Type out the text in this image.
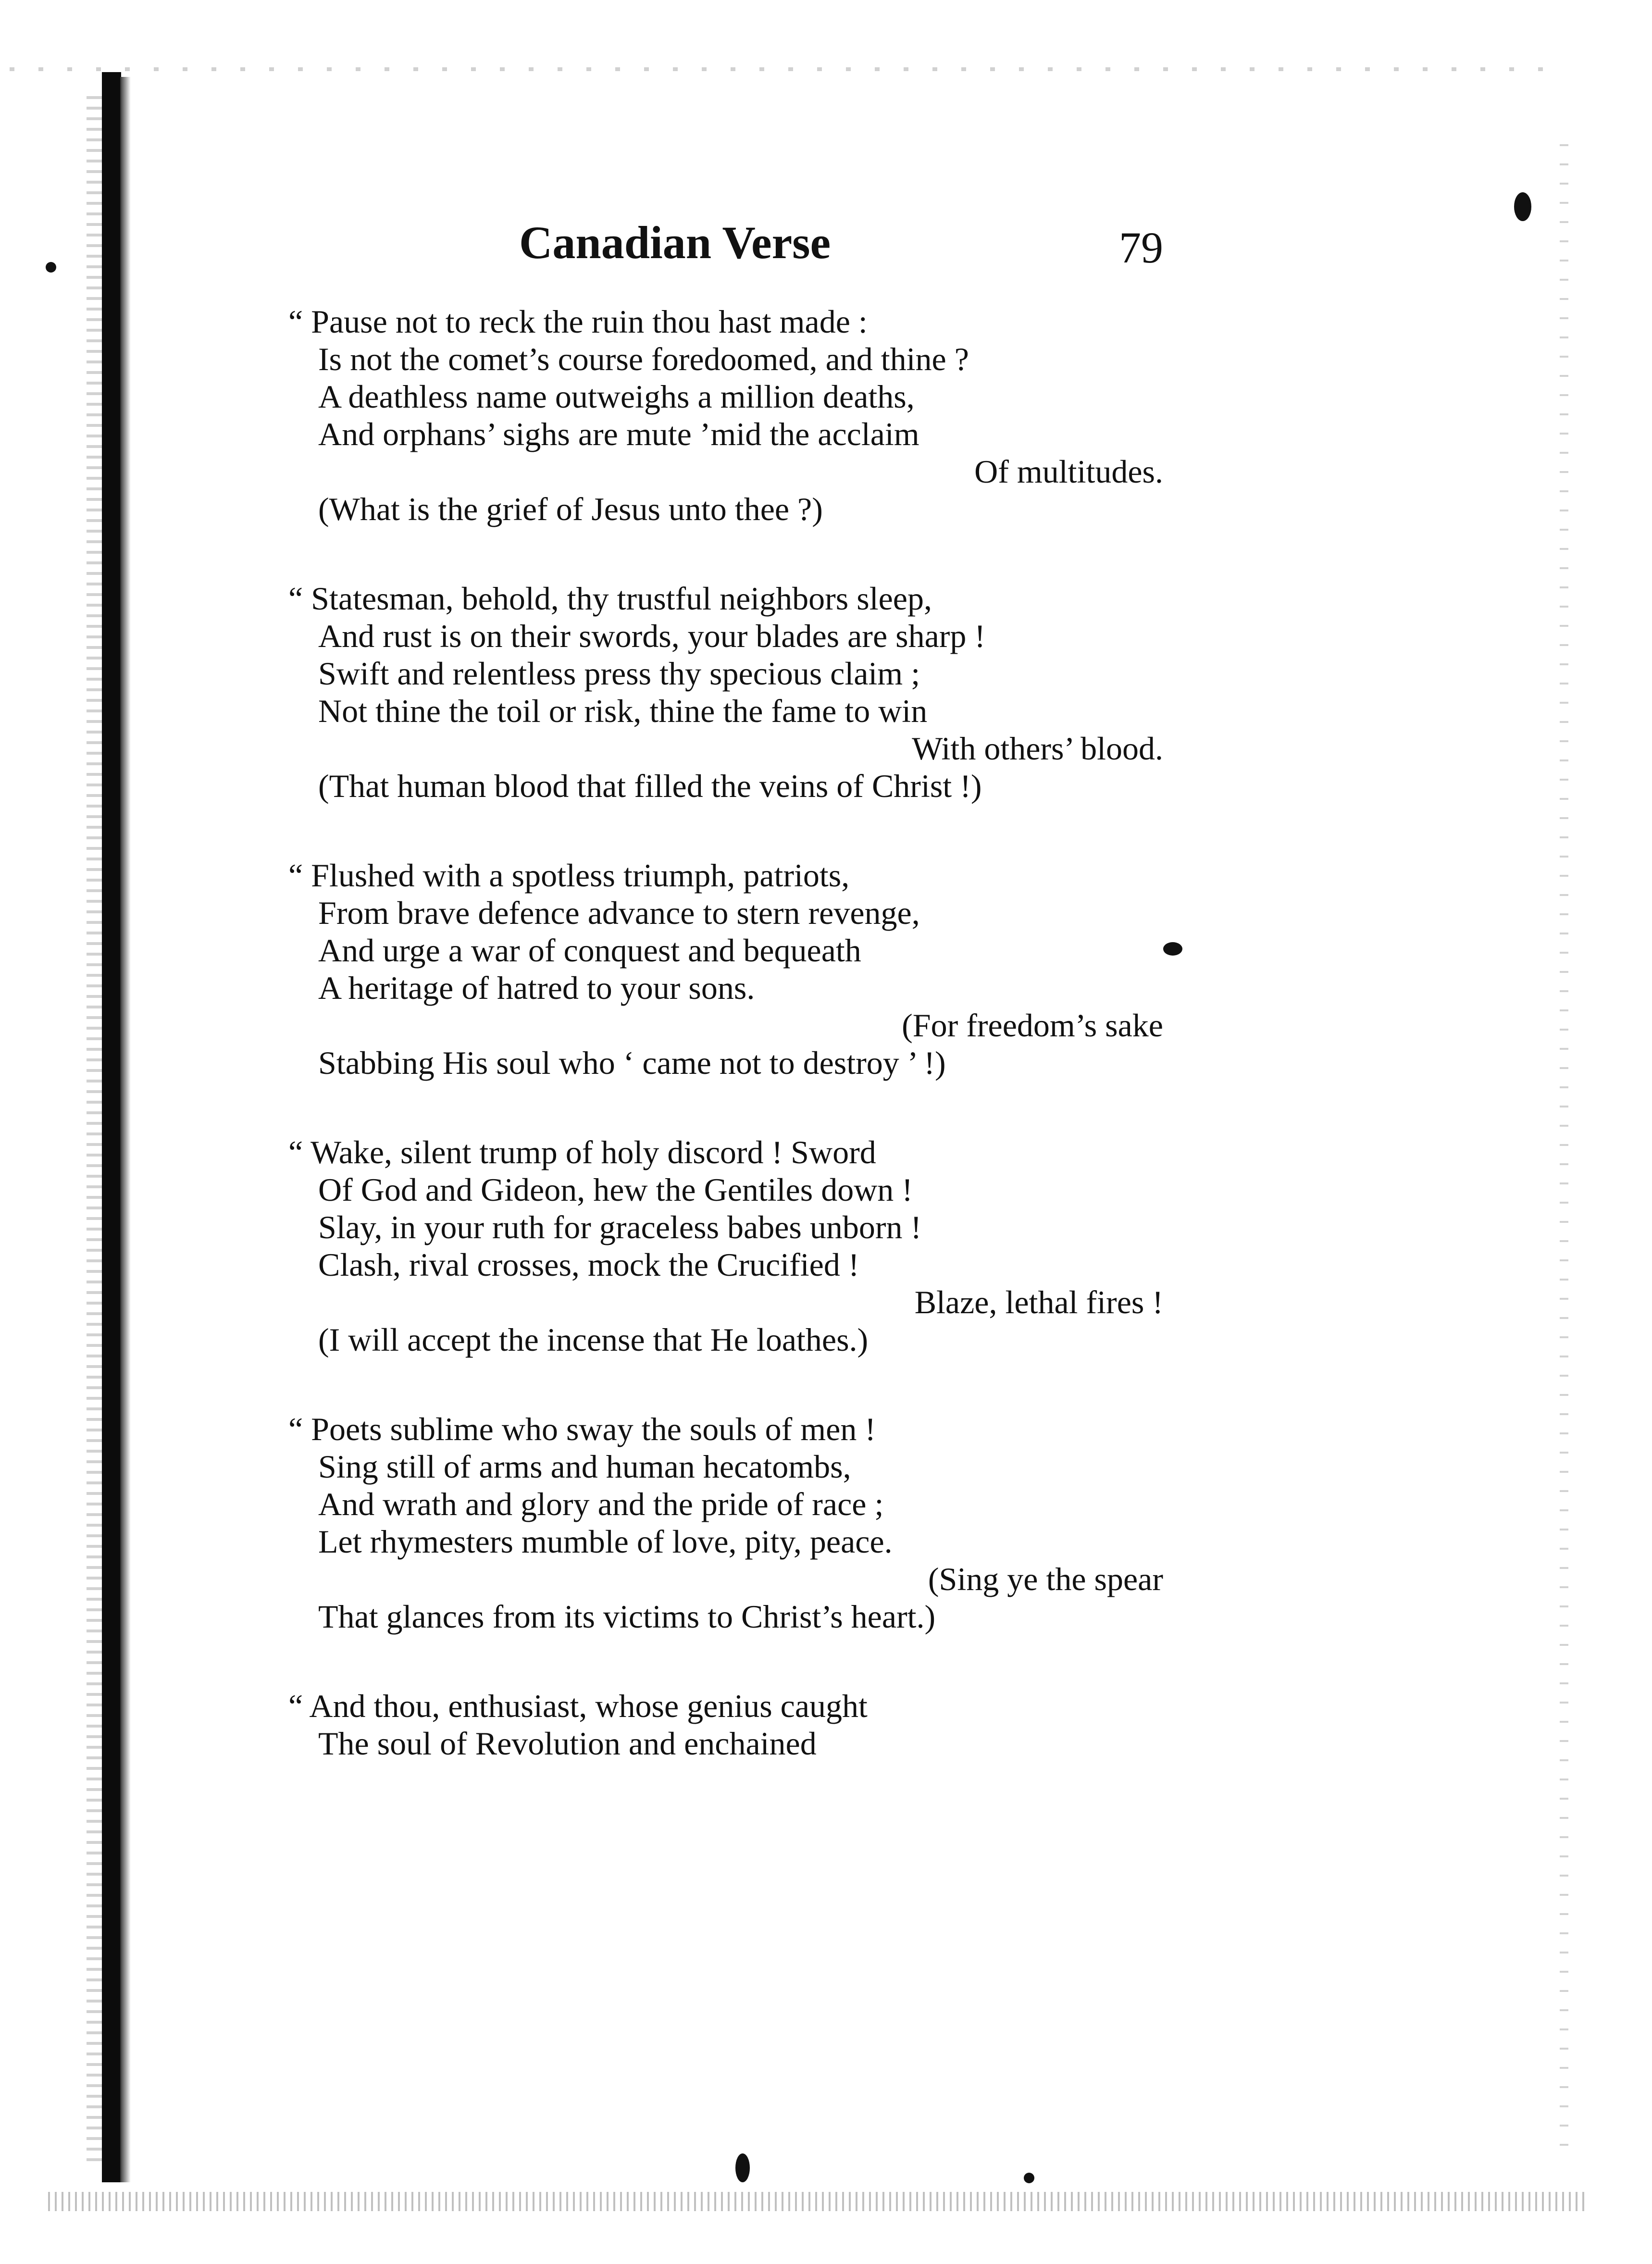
Canadian Verse	79
“ Pause not to reck the ruin thou hast made :
Is not the comet’s course foredoomed, and thine ?
A deathless name outweighs a million deaths,
And orphans’ sighs are mute ’mid the acclaim
Of multitudes.
(What is the grief of Jesus unto thee ?)
“ Statesman, behold, thy trustful neighbors sleep,
And rust is on their swords, your blades are sharp !
Swift and relentless press thy specious claim ;
Not thine the toil or risk, thine the fame to win
With others’ blood.
(That human blood that filled the veins of Christ !)
“ Flushed with a spotless triumph, patriots,
From brave defence advance to stern revenge,
And urge a war of conquest and bequeath
A heritage of hatred to your sons.
(For freedom’s sake
Stabbing His soul who ‘ came not to destroy ’ !)
“ Wake, silent trump of holy discord ! Sword
Of God and Gideon, hew the Gentiles down !
Slay, in your ruth for graceless babes unborn !
Clash, rival crosses, mock the Crucified !
Blaze, lethal fires !
(I will accept the incense that He loathes.)
“ Poets sublime who sway the souls of men !
Sing still of arms and human hecatombs,
And wrath and glory and the pride of race ;
Let rhymesters mumble of love, pity, peace.
(Sing ye the spear
That glances from its victims to Christ’s heart.)
“ And thou, enthusiast, whose genius caught
The soul of Revolution and enchained
